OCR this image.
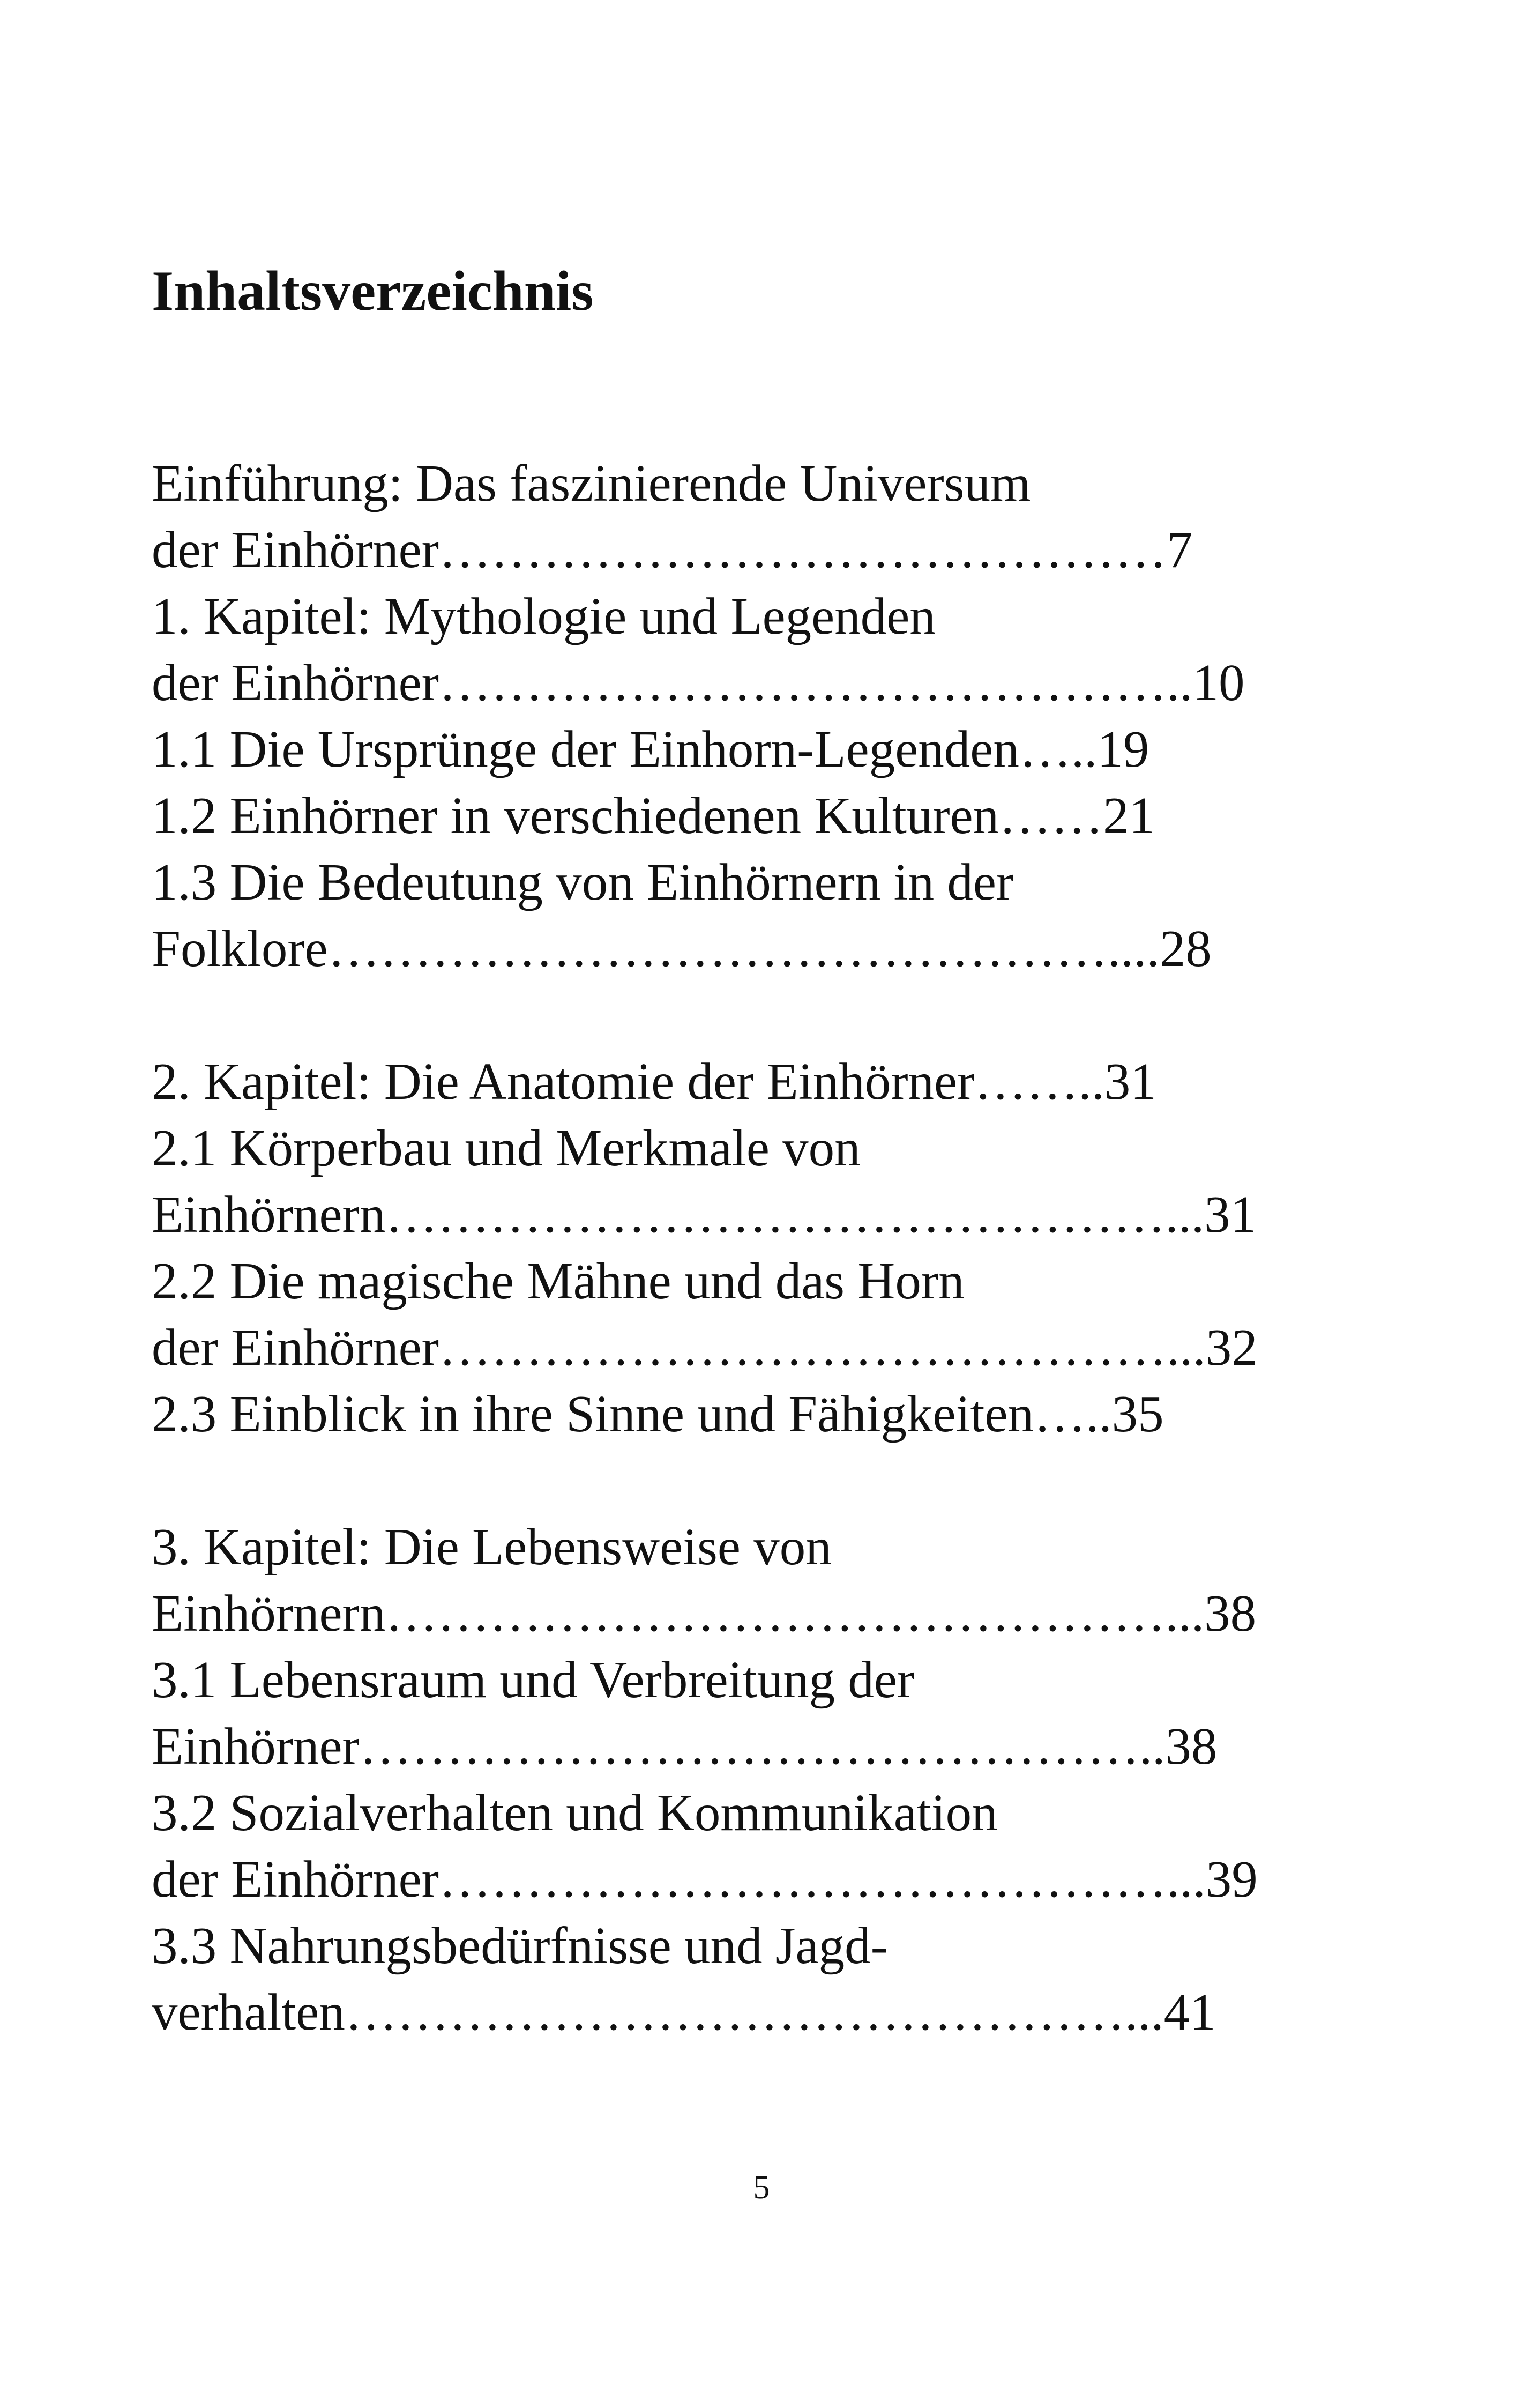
Inhaltsverzeichnis
Einführung: Das faszinierende Universum
der Einhörner……………………………………7
1. Kapitel: Mythologie und Legenden
der Einhörner……………………………………..10
1.1 Die Ursprünge der Einhorn-Legenden…..19
1.2 Einhörner in verschiedenen Kulturen……21
1.3 Die Bedeutung von Einhörnern in der
Folklore………………………………………....28
2. Kapitel: Die Anatomie der Einhörner……..31
2.1 Körperbau und Merkmale von
Einhörnern………………………………………...31
2.2 Die magische Mähne und das Horn
der Einhörner……………………………………...32
2.3 Einblick in ihre Sinne und Fähigkeiten…..35
3. Kapitel: Die Lebensweise von
Einhörnern………………………………………...38
3.1 Lebensraum und Verbreitung der
Einhörner………………………………………..38
3.2 Sozialverhalten und Kommunikation
der Einhörner……………………………………...39
3.3 Nahrungsbedürfnisse und Jagd-
verhalten………………………………………...41
5
